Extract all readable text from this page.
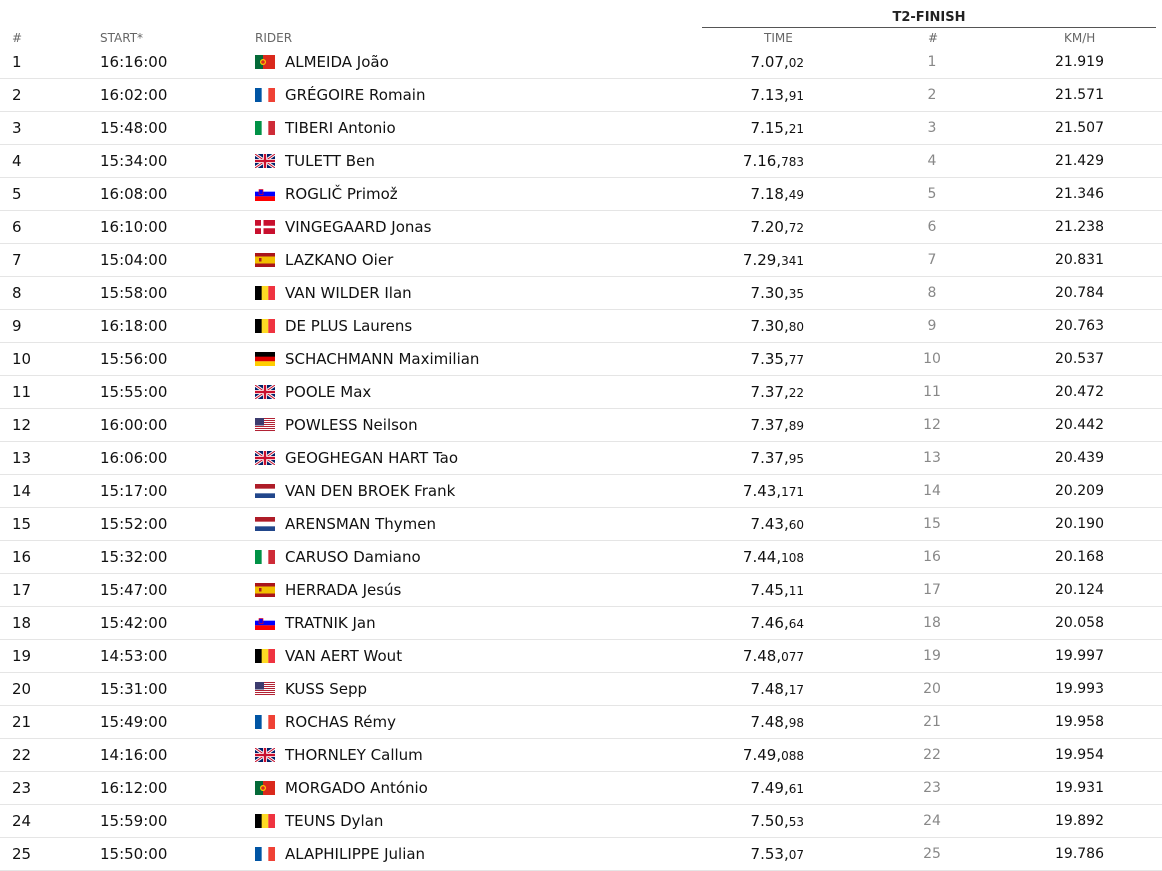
T2-FINISH
#	START*	RIDER	TIME	#	KM/H
1	16:16:00	ALMEIDA João	7.07,02	1	21.919
2	16:02:00	GRÉGOIRE Romain	7.13,91	2	21.571
3	15:48:00	TIBERI Antonio	7.15,21	3	21.507
4	15:34:00	TULETT Ben	7.16,783	4	21.429
5	16:08:00	ROGLIČ Primož	7.18,49	5	21.346
6	16:10:00	VINGEGAARD Jonas	7.20,72	6	21.238
7	15:04:00	LAZKANO Oier	7.29,341	7	20.831
8	15:58:00	VAN WILDER Ilan	7.30,35	8	20.784
9	16:18:00	DE PLUS Laurens	7.30,80	9	20.763
10	15:56:00	SCHACHMANN Maximilian	7.35,77	10	20.537
11	15:55:00	POOLE Max	7.37,22	11	20.472
12	16:00:00	POWLESS Neilson	7.37,89	12	20.442
13	16:06:00	GEOGHEGAN HART Tao	7.37,95	13	20.439
14	15:17:00	VAN DEN BROEK Frank	7.43,171	14	20.209
15	15:52:00	ARENSMAN Thymen	7.43,60	15	20.190
16	15:32:00	CARUSO Damiano	7.44,108	16	20.168
17	15:47:00	HERRADA Jesús	7.45,11	17	20.124
18	15:42:00	TRATNIK Jan	7.46,64	18	20.058
19	14:53:00	VAN AERT Wout	7.48,077	19	19.997
20	15:31:00	KUSS Sepp	7.48,17	20	19.993
21	15:49:00	ROCHAS Rémy	7.48,98	21	19.958
22	14:16:00	THORNLEY Callum	7.49,088	22	19.954
23	16:12:00	MORGADO António	7.49,61	23	19.931
24	15:59:00	TEUNS Dylan	7.50,53	24	19.892
25	15:50:00	ALAPHILIPPE Julian	7.53,07	25	19.786
